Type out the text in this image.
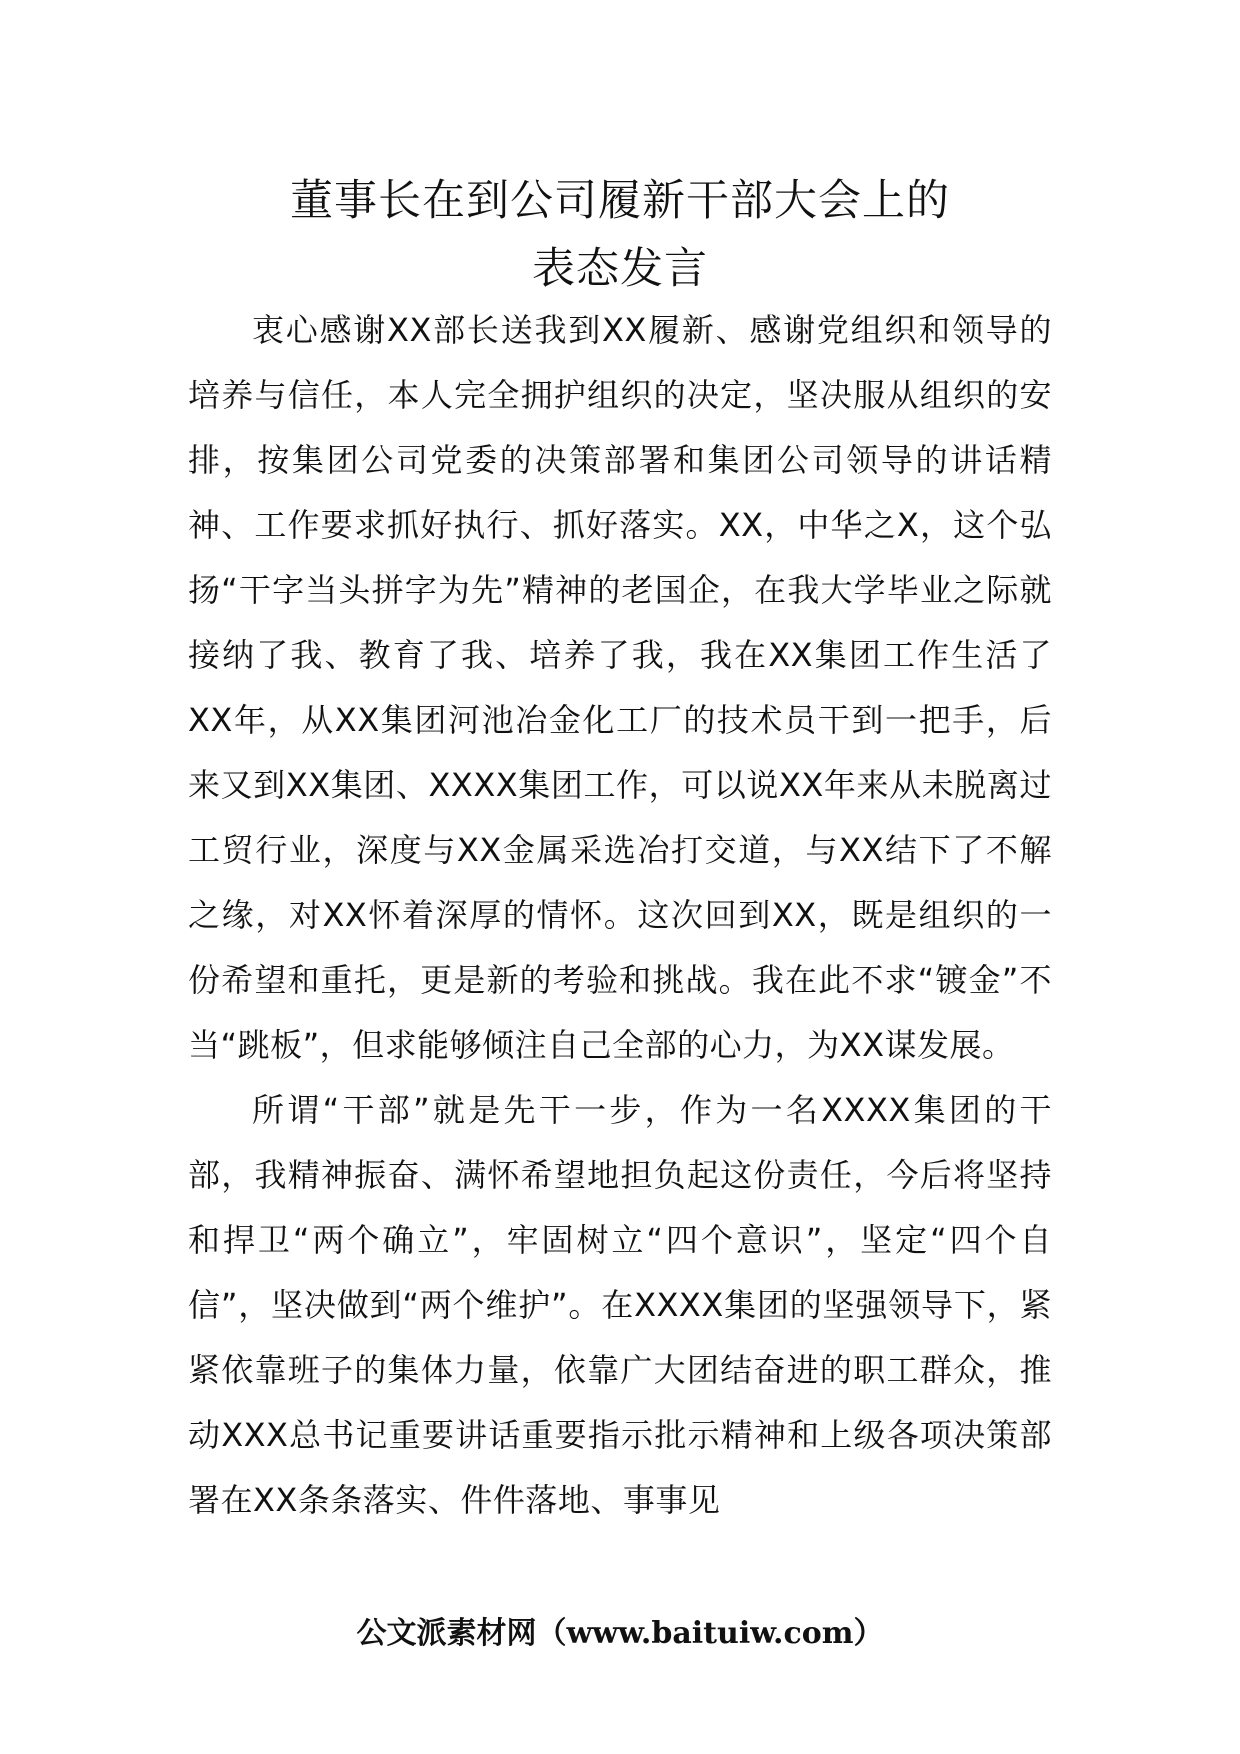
董事长在到公司履新干部大会上的
表态发言

衷心感谢XX部长送我到XX履新、感谢党组织和领导的培养与信任，本人完全拥护组织的决定，坚决服从组织的安排，按集团公司党委的决策部署和集团公司领导的讲话精神、工作要求抓好执行、抓好落实。XX，中华之X，这个弘扬“干字当头拼字为先”精神的老国企，在我大学毕业之际就接纳了我、教育了我、培养了我，我在XX集团工作生活了XX年，从XX集团河池冶金化工厂的技术员干到一把手，后来又到XX集团、XXXX集团工作，可以说XX年来从未脱离过工贸行业，深度与XX金属采选冶打交道，与XX结下了不解之缘，对XX怀着深厚的情怀。这次回到XX，既是组织的一份希望和重托，更是新的考验和挑战。我在此不求“镀金”不当“跳板”，但求能够倾注自己全部的心力，为XX谋发展。

所谓“干部”就是先干一步，作为一名XXXX集团的干部，我精神振奋、满怀希望地担负起这份责任，今后将坚持和捍卫“两个确立”，牢固树立“四个意识”，坚定“四个自信”，坚决做到“两个维护”。在XXXX集团的坚强领导下，紧紧依靠班子的集体力量，依靠广大团结奋进的职工群众，推动XXX总书记重要讲话重要指示批示精神和上级各项决策部署在XX条条落实、件件落地、事事见

公文派素材网（www.baituiw.com）
